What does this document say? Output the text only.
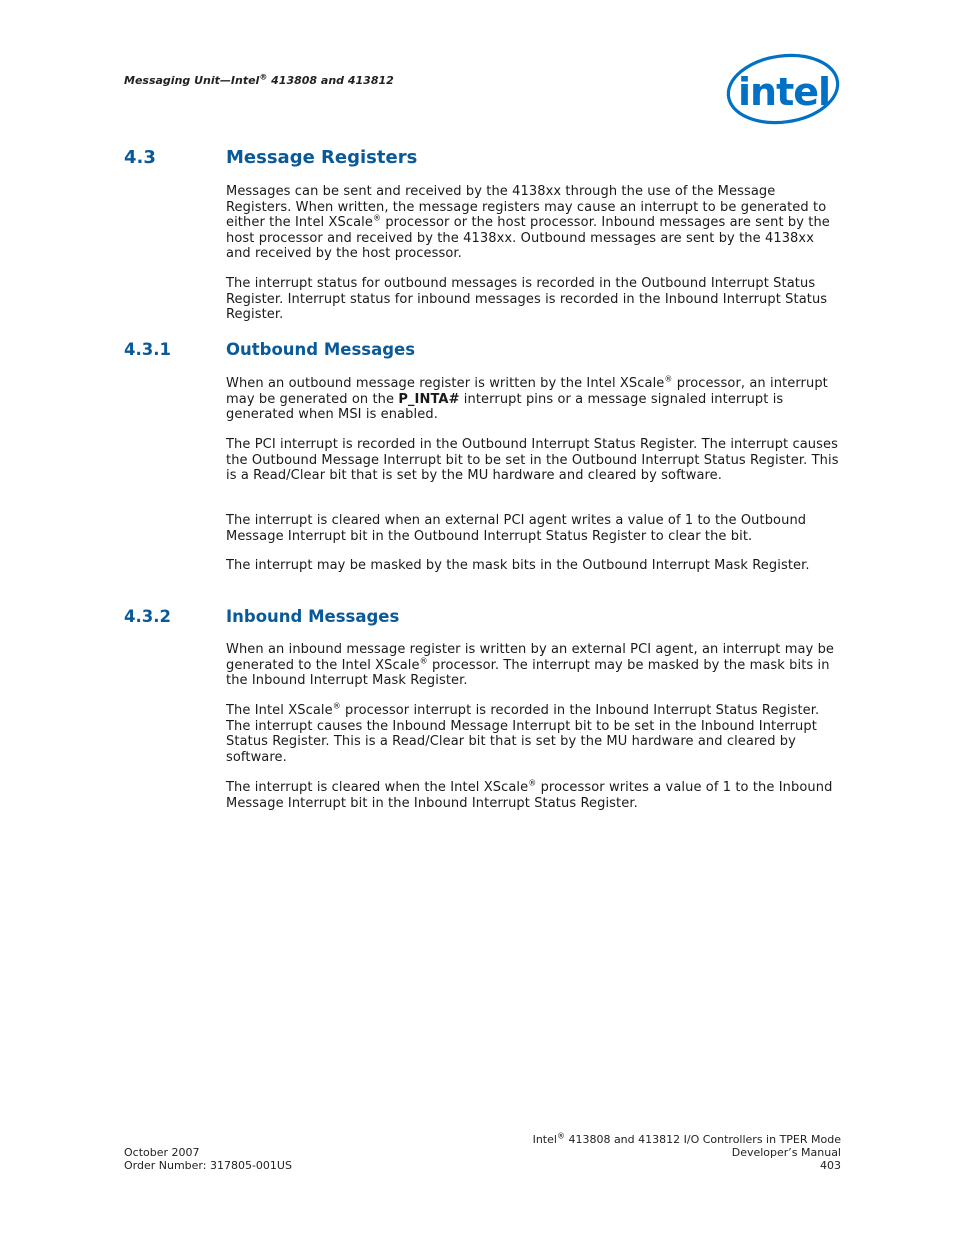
Messaging Unit—Intel® 413808 and 413812	intel
4.3	Message Registers

Messages can be sent and received by the 4138xx through the use of the Message Registers. When written, the message registers may cause an interrupt to be generated to either the Intel XScale® processor or the host processor. Inbound messages are sent by the host processor and received by the 4138xx. Outbound messages are sent by the 4138xx and received by the host processor.

The interrupt status for outbound messages is recorded in the Outbound Interrupt Status Register. Interrupt status for inbound messages is recorded in the Inbound Interrupt Status Register.

4.3.1	Outbound Messages

When an outbound message register is written by the Intel XScale® processor, an interrupt may be generated on the P_INTA# interrupt pins or a message signaled interrupt is generated when MSI is enabled.

The PCI interrupt is recorded in the Outbound Interrupt Status Register. The interrupt causes the Outbound Message Interrupt bit to be set in the Outbound Interrupt Status Register. This is a Read/Clear bit that is set by the MU hardware and cleared by software.

The interrupt is cleared when an external PCI agent writes a value of 1 to the Outbound Message Interrupt bit in the Outbound Interrupt Status Register to clear the bit.

The interrupt may be masked by the mask bits in the Outbound Interrupt Mask Register.

4.3.2	Inbound Messages

When an inbound message register is written by an external PCI agent, an interrupt may be generated to the Intel XScale® processor. The interrupt may be masked by the mask bits in the Inbound Interrupt Mask Register.

The Intel XScale® processor interrupt is recorded in the Inbound Interrupt Status Register. The interrupt causes the Inbound Message Interrupt bit to be set in the Inbound Interrupt Status Register. This is a Read/Clear bit that is set by the MU hardware and cleared by software.

The interrupt is cleared when the Intel XScale® processor writes a value of 1 to the Inbound Message Interrupt bit in the Inbound Interrupt Status Register.

October 2007
Order Number: 317805-001US
Intel® 413808 and 413812 I/O Controllers in TPER Mode
Developer’s Manual
403
